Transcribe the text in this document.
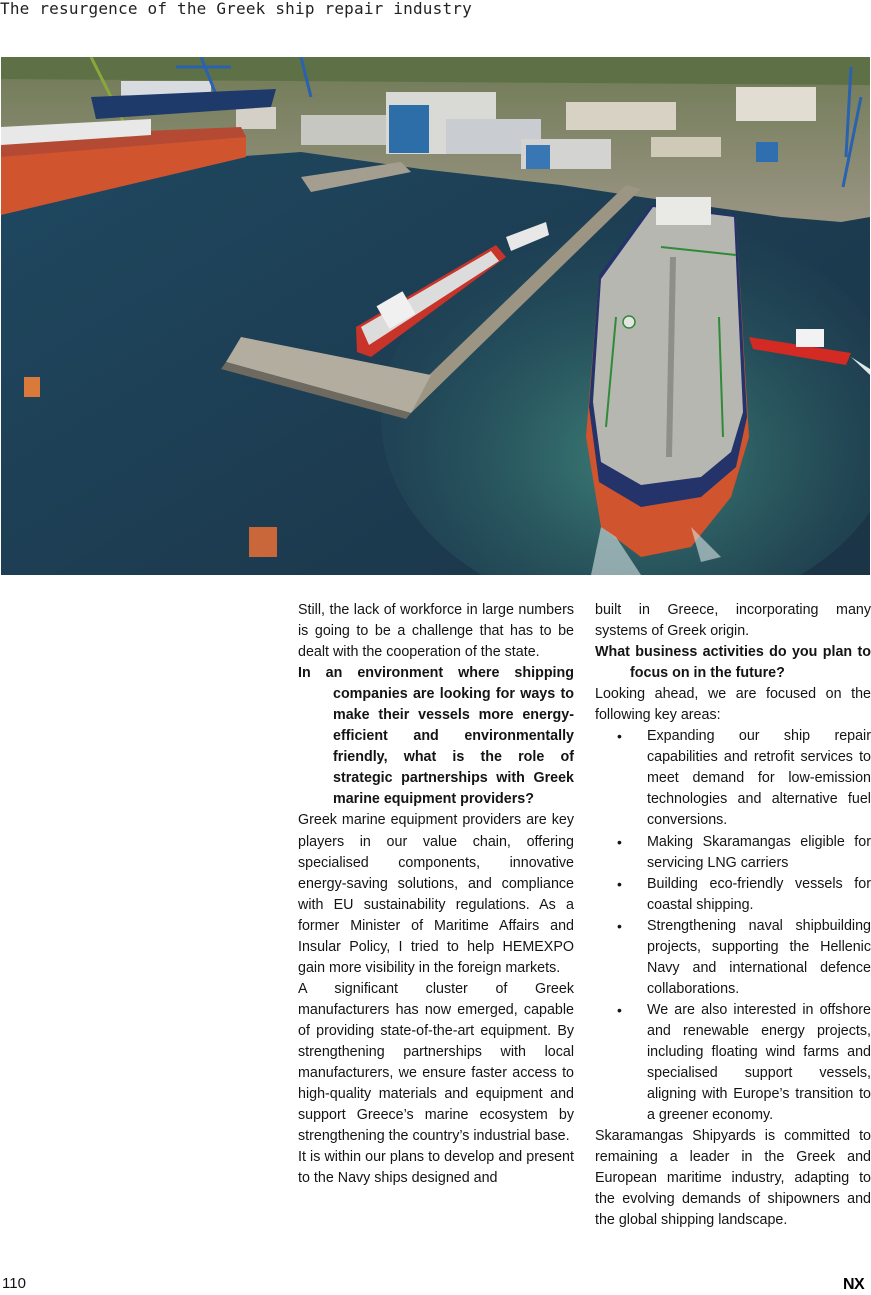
The resurgence of the Greek ship repair industry

Still, the lack of workforce in large numbers is going to be a challenge that has to be dealt with the cooperation of the state.

In an environment where shipping companies are looking for ways to make their vessels more energy-efficient and environmentally friendly, what is the role of strategic partnerships with Greek marine equipment providers?

Greek marine equipment providers are key players in our value chain, offering specialised components, innovative energy-saving solutions, and compliance with EU sustainability regulations. As a former Minister of Maritime Affairs and Insular Policy, I tried to help HEMEXPO gain more visibility in the foreign markets.

A significant cluster of Greek manufacturers has now emerged, capable of providing state-of-the-art equipment. By strengthening partnerships with local manufacturers, we ensure faster access to high-quality materials and equipment and support Greece’s marine ecosystem by strengthening the country’s industrial base.

It is within our plans to develop and present to the Navy ships designed and

built in Greece, incorporating many systems of Greek origin.

What business activities do you plan to focus on in the future?

Looking ahead, we are focused on the following key areas:

• Expanding our ship repair capabilities and retrofit services to meet demand for low-emission technologies and alternative fuel conversions.
• Making Skaramangas eligible for servicing LNG carriers
• Building eco-friendly vessels for coastal shipping.
• Strengthening naval shipbuilding projects, supporting the Hellenic Navy and international defence collaborations.
• We are also interested in offshore and renewable energy projects, including floating wind farms and specialised support vessels, aligning with Europe’s transition to a greener economy.

Skaramangas Shipyards is committed to remaining a leader in the Greek and European maritime industry, adapting to the evolving demands of shipowners and the global shipping landscape.

110	NX
